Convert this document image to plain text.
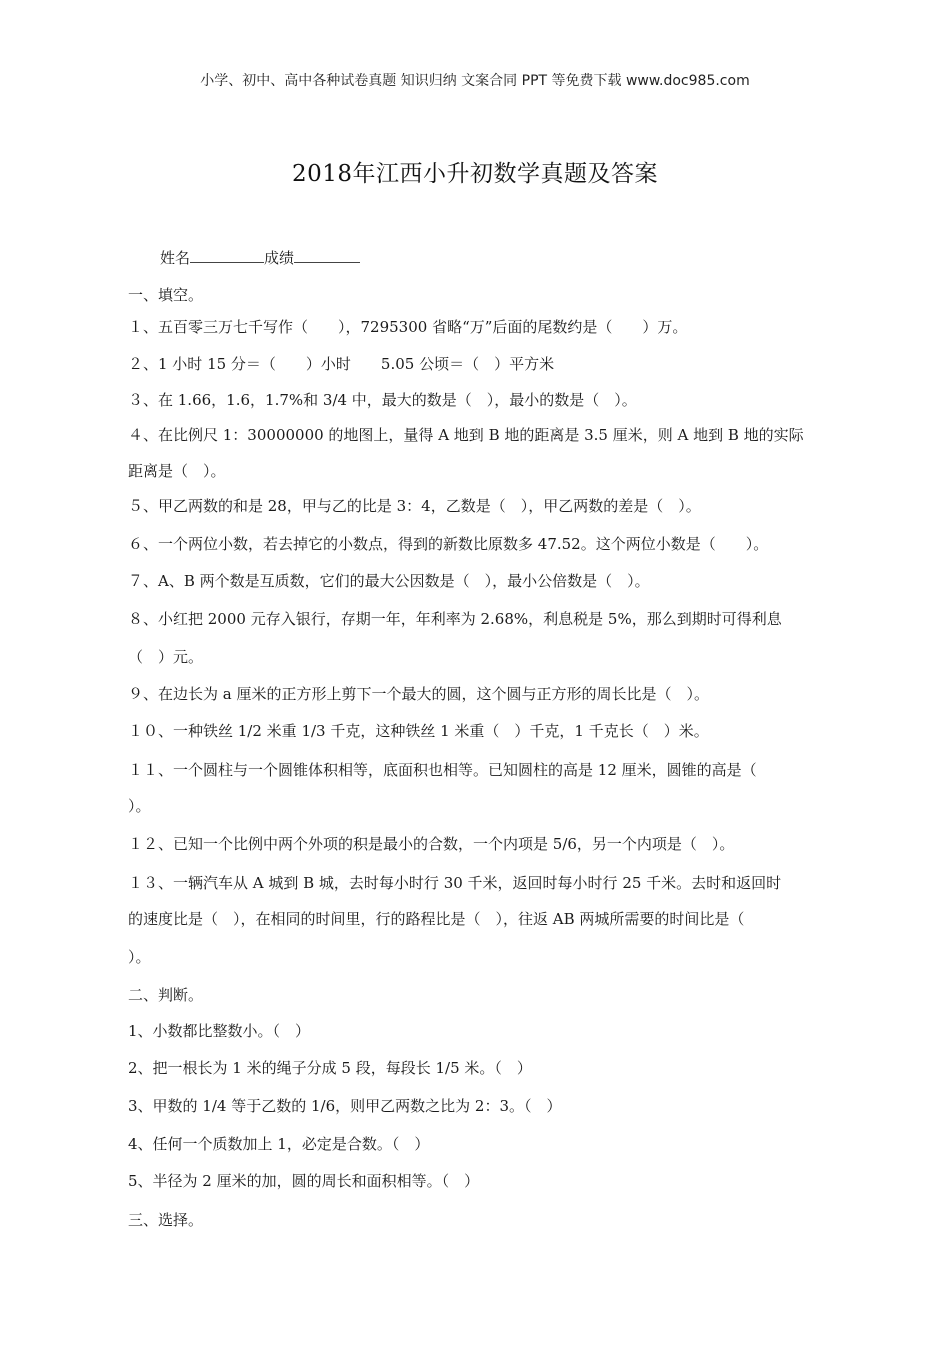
小学、初中、高中各种试卷真题 知识归纳 文案合同 PPT 等免费下载 www.doc985.com
2018年江西小升初数学真题及答案
姓名	成绩
一、填空。
１、五百零三万七千写作（　　），7295300 省略“万”后面的尾数约是（　　）万。
２、1 小时 15 分＝（　　）小时　　5.05 公顷＝（　）平方米
３、在 1.66，1.6，1.7%和 3/4 中，最大的数是（　），最小的数是（　）。
４、在比例尺 1：30000000 的地图上，量得 A 地到 B 地的距离是 3.5 厘米，则 A 地到 B 地的实际
距离是（　）。
５、甲乙两数的和是 28，甲与乙的比是 3：4，乙数是（　），甲乙两数的差是（　）。
６、一个两位小数，若去掉它的小数点，得到的新数比原数多 47.52。这个两位小数是（　　）。
７、A、B 两个数是互质数，它们的最大公因数是（　），最小公倍数是（　）。
８、小红把 2000 元存入银行，存期一年，年利率为 2.68%，利息税是 5%，那么到期时可得利息
（　）元。
９、在边长为 a 厘米的正方形上剪下一个最大的圆，这个圆与正方形的周长比是（　）。
１０、一种铁丝 1/2 米重 1/3 千克，这种铁丝 1 米重（　）千克，1 千克长（　）米。
１１、一个圆柱与一个圆锥体积相等，底面积也相等。已知圆柱的高是 12 厘米，圆锥的高是（
）。
１２、已知一个比例中两个外项的积是最小的合数，一个内项是 5/6，另一个内项是（　）。
１３、一辆汽车从 A 城到 B 城，去时每小时行 30 千米，返回时每小时行 25 千米。去时和返回时
的速度比是（　），在相同的时间里，行的路程比是（　），往返 AB 两城所需要的时间比是（
）。
二、判断。
1、小数都比整数小。（　）
2、把一根长为 1 米的绳子分成 5 段，每段长 1/5 米。（　）
3、甲数的 1/4 等于乙数的 1/6，则甲乙两数之比为 2：3。（　）
4、任何一个质数加上 1，必定是合数。（　）
5、半径为 2 厘米的加，圆的周长和面积相等。（　）
三、选择。
